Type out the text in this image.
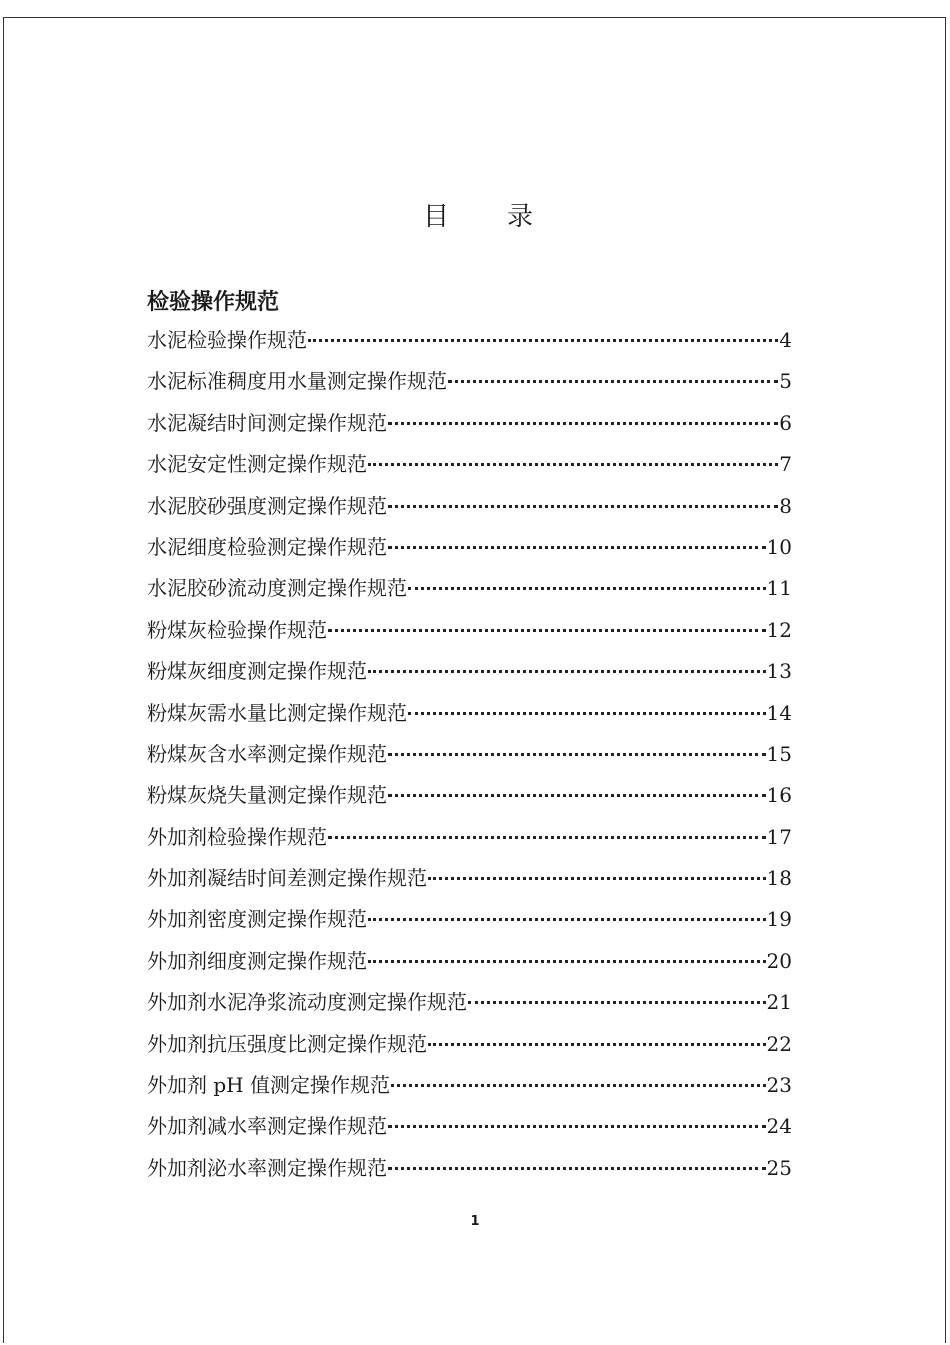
目 录
检验操作规范
水泥检验操作规范	4
水泥标准稠度用水量测定操作规范	5
水泥凝结时间测定操作规范	6
水泥安定性测定操作规范	7
水泥胶砂强度测定操作规范	8
水泥细度检验测定操作规范	10
水泥胶砂流动度测定操作规范	11
粉煤灰检验操作规范	12
粉煤灰细度测定操作规范	13
粉煤灰需水量比测定操作规范	14
粉煤灰含水率测定操作规范	15
粉煤灰烧失量测定操作规范	16
外加剂检验操作规范	17
外加剂凝结时间差测定操作规范	18
外加剂密度测定操作规范	19
外加剂细度测定操作规范	20
外加剂水泥净浆流动度测定操作规范	21
外加剂抗压强度比测定操作规范	22
外加剂 pH 值测定操作规范	23
外加剂减水率测定操作规范	24
外加剂泌水率测定操作规范	25
1
